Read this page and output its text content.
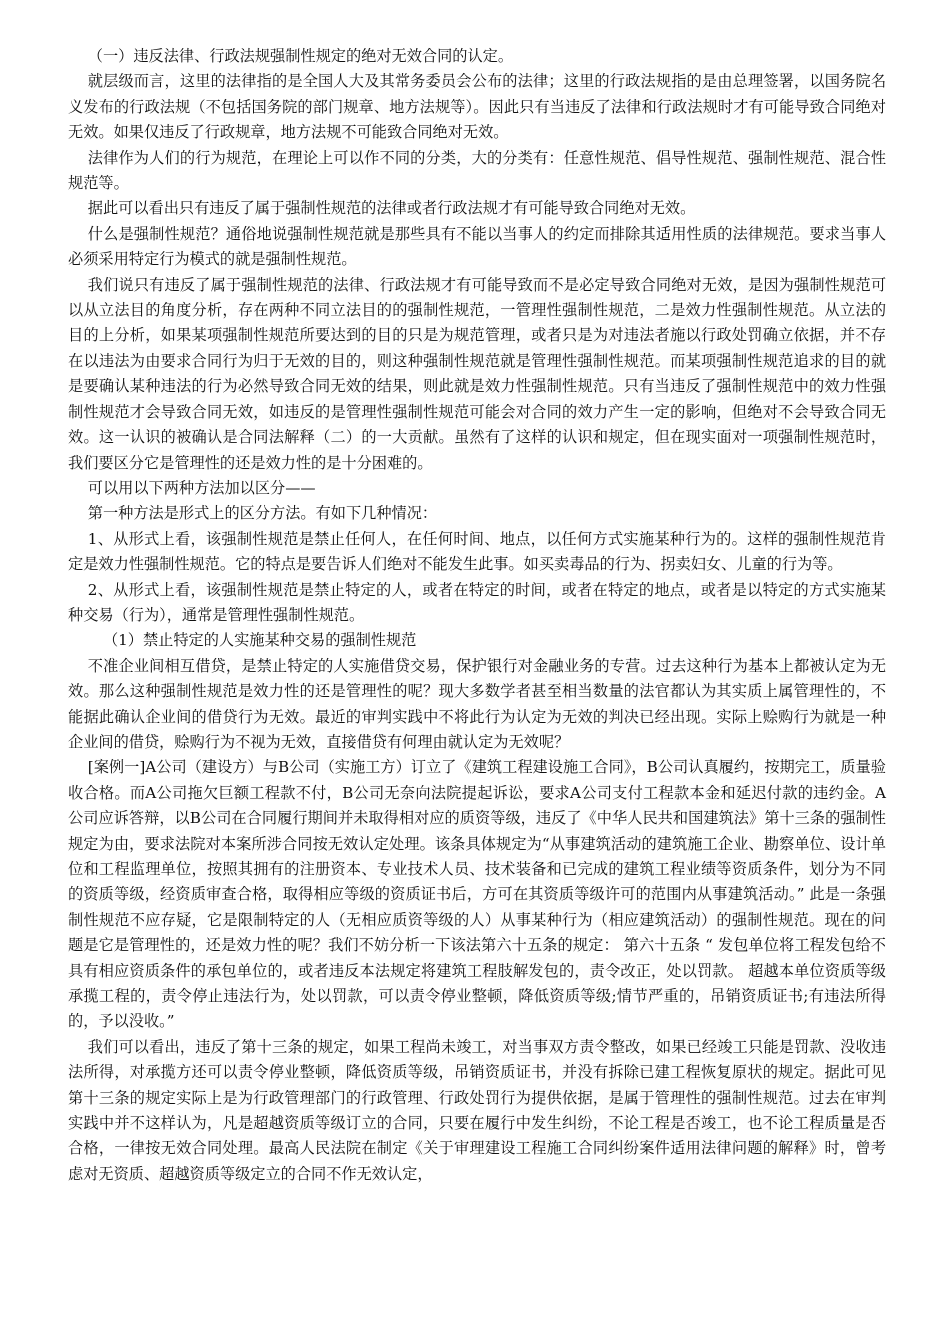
（一）违反法律、行政法规强制性规定的绝对无效合同的认定。

就层级而言，这里的法律指的是全国人大及其常务委员会公布的法律；这里的行政法规指的是由总理签署，以国务院名义发布的行政法规（不包括国务院的部门规章、地方法规等）。因此只有当违反了法律和行政法规时才有可能导致合同绝对无效。如果仅违反了行政规章，地方法规不可能致合同绝对无效。

法律作为人们的行为规范，在理论上可以作不同的分类，大的分类有：任意性规范、倡导性规范、强制性规范、混合性规范等。

据此可以看出只有违反了属于强制性规范的法律或者行政法规才有可能导致合同绝对无效。

什么是强制性规范？通俗地说强制性规范就是那些具有不能以当事人的约定而排除其适用性质的法律规范。要求当事人必须采用特定行为模式的就是强制性规范。

我们说只有违反了属于强制性规范的法律、行政法规才有可能导致而不是必定导致合同绝对无效，是因为强制性规范可以从立法目的角度分析，存在两种不同立法目的的强制性规范，一管理性强制性规范，二是效力性强制性规范。从立法的目的上分析，如果某项强制性规范所要达到的目的只是为规范管理，或者只是为对违法者施以行政处罚确立依据，并不存在以违法为由要求合同行为归于无效的目的，则这种强制性规范就是管理性强制性规范。而某项强制性规范追求的目的就是要确认某种违法的行为必然导致合同无效的结果，则此就是效力性强制性规范。只有当违反了强制性规范中的效力性强制性规范才会导致合同无效，如违反的是管理性强制性规范可能会对合同的效力产生一定的影响，但绝对不会导致合同无效。这一认识的被确认是合同法解释（二）的一大贡献。虽然有了这样的认识和规定，但在现实面对一项强制性规范时，我们要区分它是管理性的还是效力性的是十分困难的。

可以用以下两种方法加以区分——

第一种方法是形式上的区分方法。有如下几种情况：

1、从形式上看，该强制性规范是禁止任何人，在任何时间、地点，以任何方式实施某种行为的。这样的强制性规范肯定是效力性强制性规范。它的特点是要告诉人们绝对不能发生此事。如买卖毒品的行为、拐卖妇女、儿童的行为等。

2、从形式上看，该强制性规范是禁止特定的人，或者在特定的时间，或者在特定的地点，或者是以特定的方式实施某种交易（行为），通常是管理性强制性规范。

（1）禁止特定的人实施某种交易的强制性规范

不准企业间相互借贷，是禁止特定的人实施借贷交易，保护银行对金融业务的专营。过去这种行为基本上都被认定为无效。那么这种强制性规范是效力性的还是管理性的呢？现大多数学者甚至相当数量的法官都认为其实质上属管理性的，不能据此确认企业间的借贷行为无效。最近的审判实践中不将此行为认定为无效的判决已经出现。实际上赊购行为就是一种企业间的借贷，赊购行为不视为无效，直接借贷有何理由就认定为无效呢？

[案例一]A公司（建设方）与B公司（实施工方）订立了《建筑工程建设施工合同》，B公司认真履约，按期完工，质量验收合格。而A公司拖欠巨额工程款不付，B公司无奈向法院提起诉讼，要求A公司支付工程款本金和延迟付款的违约金。A公司应诉答辩，以B公司在合同履行期间并未取得相对应的质资等级，违反了《中华人民共和国建筑法》第十三条的强制性规定为由，要求法院对本案所涉合同按无效认定处理。该条具体规定为“从事建筑活动的建筑施工企业、勘察单位、设计单位和工程监理单位，按照其拥有的注册资本、专业技术人员、技术装备和已完成的建筑工程业绩等资质条件，划分为不同的资质等级，经资质审查合格，取得相应等级的资质证书后，方可在其资质等级许可的范围内从事建筑活动。” 此是一条强制性规范不应存疑，它是限制特定的人（无相应质资等级的人）从事某种行为（相应建筑活动）的强制性规范。现在的问题是它是管理性的，还是效力性的呢？我们不妨分析一下该法第六十五条的规定： 第六十五条 “ 发包单位将工程发包给不具有相应资质条件的承包单位的，或者违反本法规定将建筑工程肢解发包的，责令改正，处以罚款。 超越本单位资质等级承揽工程的，责令停止违法行为，处以罚款，可以责令停业整顿，降低资质等级;情节严重的，吊销资质证书;有违法所得的，予以没收。”

我们可以看出，违反了第十三条的规定，如果工程尚未竣工，对当事双方责令整改，如果已经竣工只能是罚款、没收违法所得，对承揽方还可以责令停业整顿，降低资质等级，吊销资质证书，并没有拆除已建工程恢复原状的规定。据此可见第十三条的规定实际上是为行政管理部门的行政管理、行政处罚行为提供依据，是属于管理性的强制性规范。过去在审判实践中并不这样认为，凡是超越资质等级订立的合同，只要在履行中发生纠纷，不论工程是否竣工，也不论工程质量是否合格，一律按无效合同处理。最高人民法院在制定《关于审理建设工程施工合同纠纷案件适用法律问题的解释》时，曾考虑对无资质、超越资质等级定立的合同不作无效认定，
